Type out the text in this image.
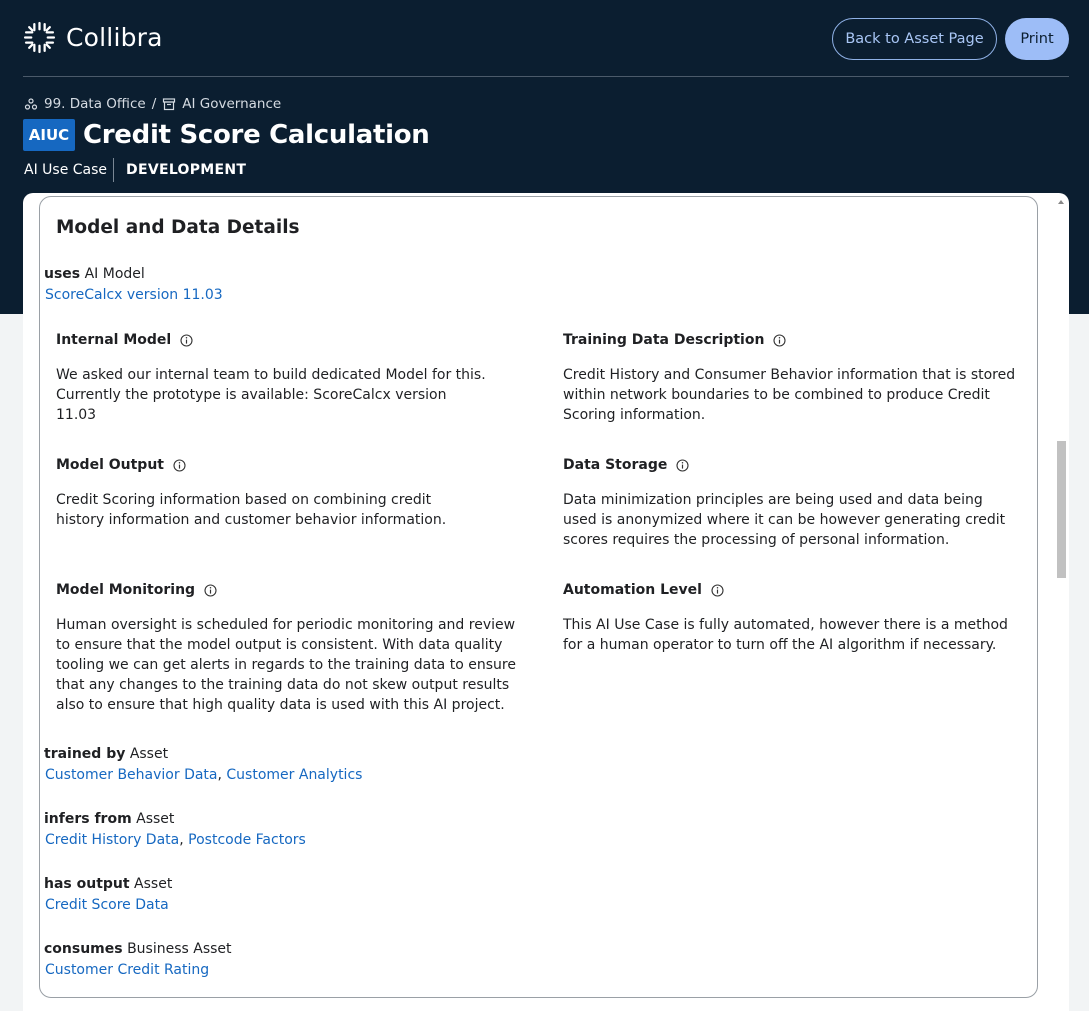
Collibra	Back to Asset Page	Print
99. Data Office / AI Governance
AIUC Credit Score Calculation
AI Use Case DEVELOPMENT
Model and Data Details
uses AI Model
ScoreCalcx version 11.03
Internal Model
We asked our internal team to build dedicated Model for this. Currently the prototype is available: ScoreCalcx version 11.03
Training Data Description
Credit History and Consumer Behavior information that is stored within network boundaries to be combined to produce Credit Scoring information.
Model Output
Credit Scoring information based on combining credit history information and customer behavior information.
Data Storage
Data minimization principles are being used and data being used is anonymized where it can be however generating credit scores requires the processing of personal information.
Model Monitoring
Human oversight is scheduled for periodic monitoring and review to ensure that the model output is consistent. With data quality tooling we can get alerts in regards to the training data to ensure that any changes to the training data do not skew output results also to ensure that high quality data is used with this AI project.
Automation Level
This AI Use Case is fully automated, however there is a method for a human operator to turn off the AI algorithm if necessary.
trained by Asset
Customer Behavior Data, Customer Analytics
infers from Asset
Credit History Data, Postcode Factors
has output Asset
Credit Score Data
consumes Business Asset
Customer Credit Rating
